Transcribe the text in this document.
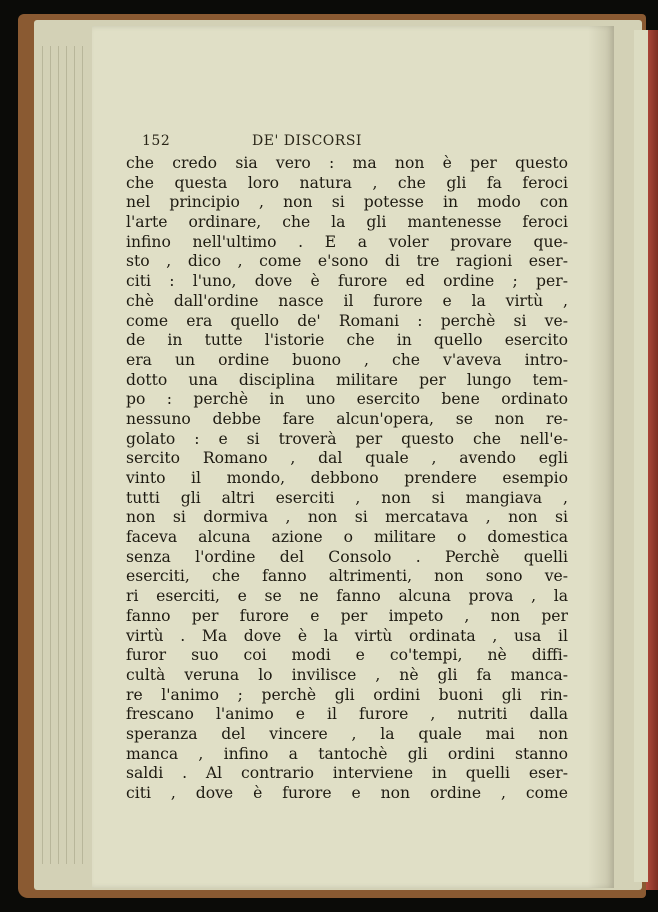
152	DE' DISCORSI
che credo sia vero : ma non è per questo
che questa loro natura , che gli fa feroci
nel principio , non si potesse in modo con
l'arte ordinare, che la gli mantenesse feroci
infino nell'ultimo . E a voler provare que-
sto , dico , come e'sono di tre ragioni eser-
citi : l'uno, dove è furore ed ordine ; per-
chè dall'ordine nasce il furore e la virtù ,
come era quello de' Romani : perchè si ve-
de in tutte l'istorie che in quello esercito
era un ordine buono , che v'aveva intro-
dotto una disciplina militare per lungo tem-
po : perchè in uno esercito bene ordinato
nessuno debbe fare alcun'opera, se non re-
golato : e si troverà per questo che nell'e-
sercito Romano , dal quale , avendo egli
vinto il mondo, debbono prendere esempio
tutti gli altri eserciti , non si mangiava ,
non si dormiva , non si mercatava , non si
faceva alcuna azione o militare o domestica
senza l'ordine del Consolo . Perchè quelli
eserciti, che fanno altrimenti, non sono ve-
ri eserciti, e se ne fanno alcuna prova , la
fanno per furore e per impeto , non per
virtù . Ma dove è la virtù ordinata , usa il
furor suo coi modi e co'tempi, nè diffi-
cultà veruna lo invilisce , nè gli fa manca-
re l'animo ; perchè gli ordini buoni gli rin-
frescano l'animo e il furore , nutriti dalla
speranza del vincere , la quale mai non
manca , infino a tantochè gli ordini stanno
saldi . Al contrario interviene in quelli eser-
citi , dove è furore e non ordine , come
